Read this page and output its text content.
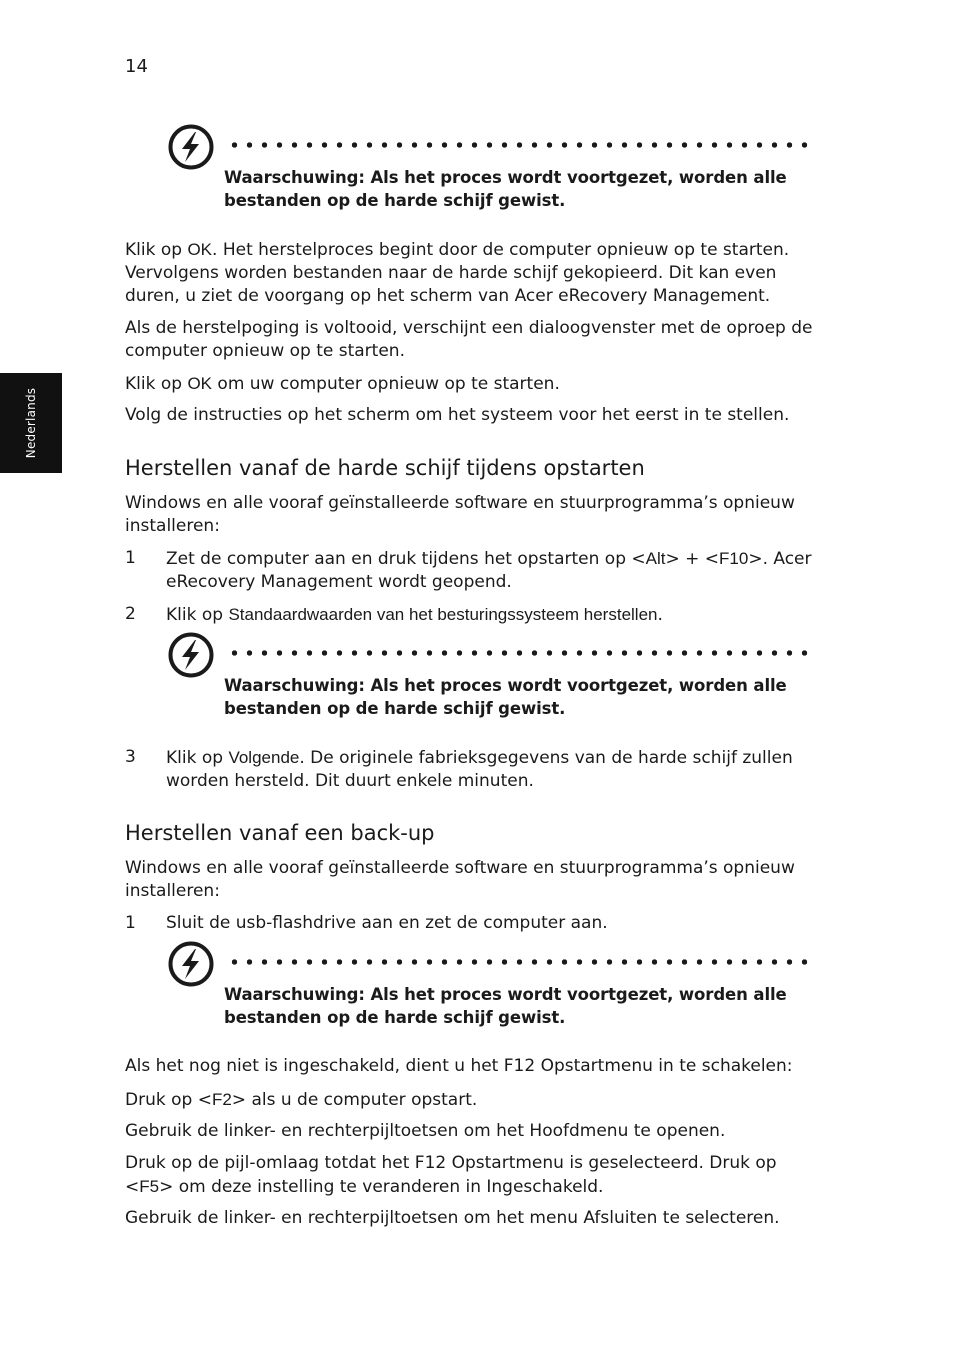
14
Nederlands
Waarschuwing: Als het proces wordt voortgezet, worden alle bestanden op de harde schijf gewist.
Klik op OK. Het herstelproces begint door de computer opnieuw op te starten. Vervolgens worden bestanden naar de harde schijf gekopieerd. Dit kan even duren, u ziet de voorgang op het scherm van Acer eRecovery Management.
Als de herstelpoging is voltooid, verschijnt een dialoogvenster met de oproep de computer opnieuw op te starten.
Klik op OK om uw computer opnieuw op te starten.
Volg de instructies op het scherm om het systeem voor het eerst in te stellen.
Herstellen vanaf de harde schijf tijdens opstarten
Windows en alle vooraf geïnstalleerde software en stuurprogramma’s opnieuw installeren:
1 Zet de computer aan en druk tijdens het opstarten op <Alt> + <F10>. Acer eRecovery Management wordt geopend.
2 Klik op Standaardwaarden van het besturingssysteem herstellen.
Waarschuwing: Als het proces wordt voortgezet, worden alle bestanden op de harde schijf gewist.
3 Klik op Volgende. De originele fabrieksgegevens van de harde schijf zullen worden hersteld. Dit duurt enkele minuten.
Herstellen vanaf een back-up
Windows en alle vooraf geïnstalleerde software en stuurprogramma’s opnieuw installeren:
1 Sluit de usb-flashdrive aan en zet de computer aan.
Waarschuwing: Als het proces wordt voortgezet, worden alle bestanden op de harde schijf gewist.
Als het nog niet is ingeschakeld, dient u het F12 Opstartmenu in te schakelen:
Druk op <F2> als u de computer opstart.
Gebruik de linker- en rechterpijltoetsen om het Hoofdmenu te openen.
Druk op de pijl-omlaag totdat het F12 Opstartmenu is geselecteerd. Druk op <F5> om deze instelling te veranderen in Ingeschakeld.
Gebruik de linker- en rechterpijltoetsen om het menu Afsluiten te selecteren.
